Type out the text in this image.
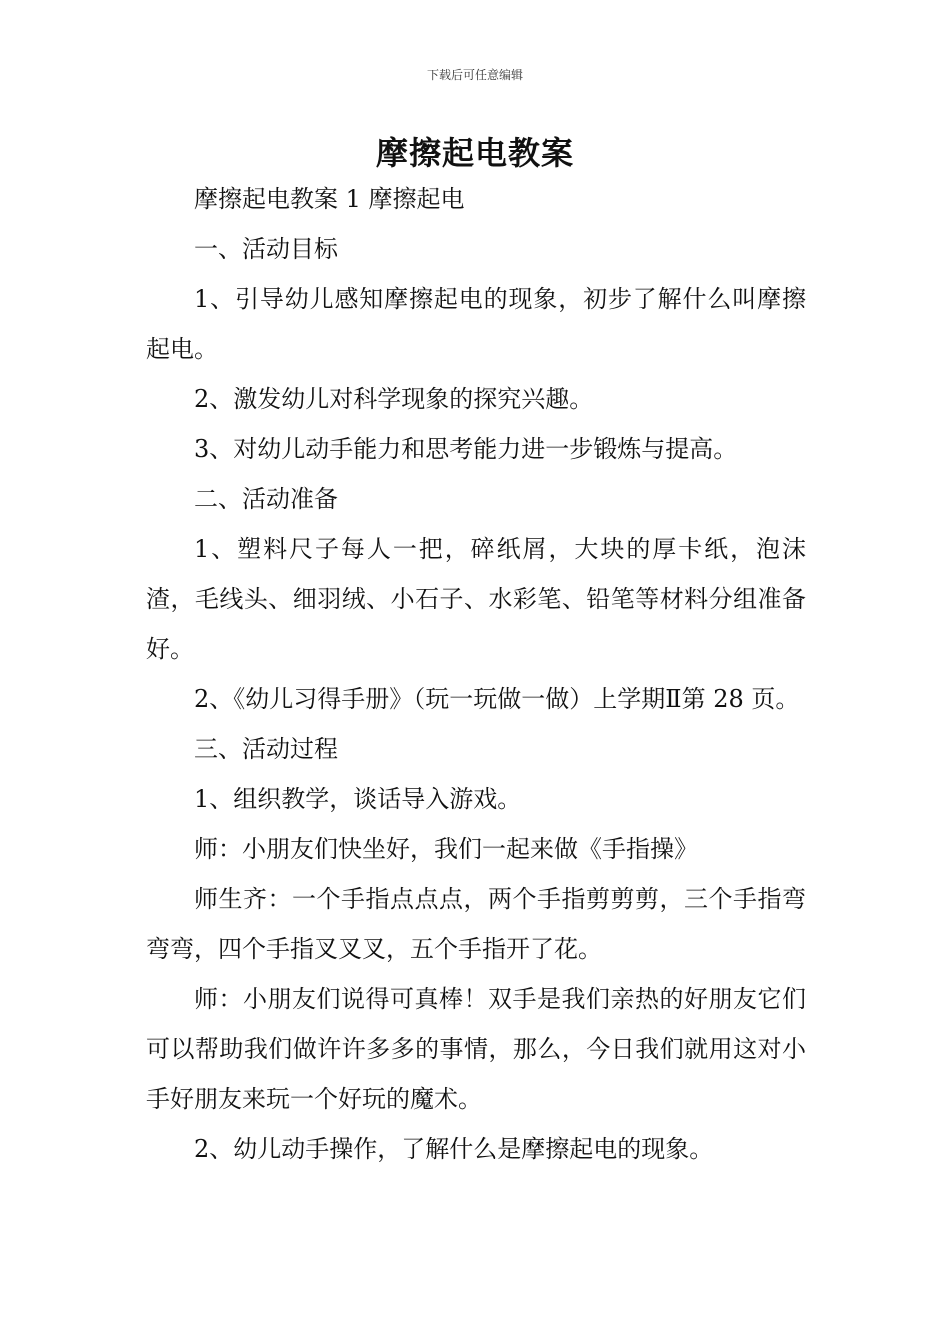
下载后可任意编辑
摩擦起电教案

摩擦起电教案 1 摩擦起电

一、活动目标

1、引导幼儿感知摩擦起电的现象，初步了解什么叫摩擦起电。

2、激发幼儿对科学现象的探究兴趣。

3、对幼儿动手能力和思考能力进一步锻炼与提高。

二、活动准备

1、塑料尺子每人一把，碎纸屑，大块的厚卡纸，泡沫渣，毛线头、细羽绒、小石子、水彩笔、铅笔等材料分组准备好。

2、《幼儿习得手册》（玩一玩做一做）上学期Ⅱ第 28 页。

三、活动过程

1、组织教学，谈话导入游戏。

师：小朋友们快坐好，我们一起来做《手指操》

师生齐：一个手指点点点，两个手指剪剪剪，三个手指弯弯弯，四个手指叉叉叉，五个手指开了花。

师：小朋友们说得可真棒！双手是我们亲热的好朋友它们可以帮助我们做许许多多的事情，那么，今日我们就用这对小手好朋友来玩一个好玩的魔术。

2、幼儿动手操作，了解什么是摩擦起电的现象。
